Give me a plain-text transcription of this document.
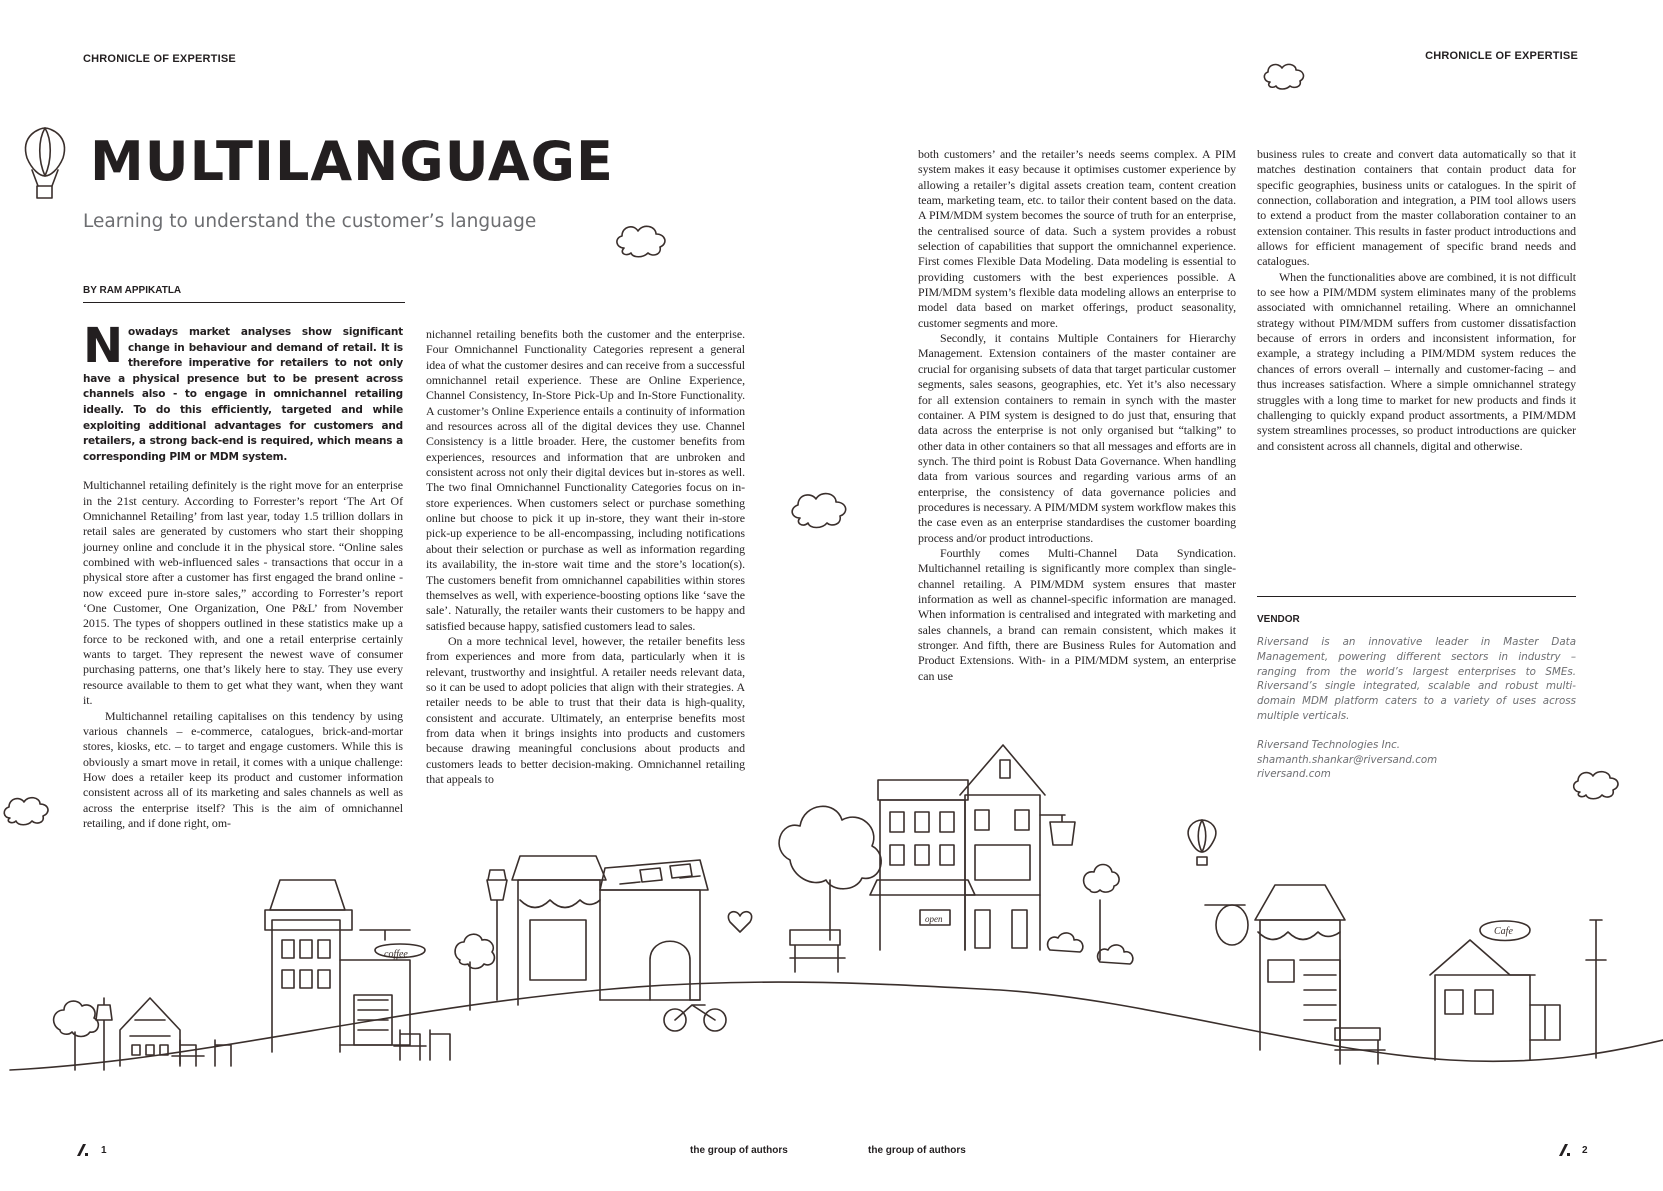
coffee
open
Cafe
CHRONICLE OF EXPERTISE	CHRONICLE OF EXPERTISE
MULTILANGUAGE
Learning to understand the customer’s language
BY RAM APPIKATLA
N owadays market analyses show significant change in behaviour and demand of retail. It is therefore imperative for retailers to not only have a physical presence but to be present across channels also - to engage in omnichannel retailing ideally. To do this efficiently, targeted and while exploiting additional advantages for customers and retailers, a strong back-end is required, which means a corresponding PIM or MDM system.

Multichannel retailing definitely is the right move for an enterprise in the 21st century. According to Forrester’s report ‘The Art Of Omnichannel Retailing’ from last year, today 1.5 trillion dollars in retail sales are generated by customers who start their shopping journey online and conclude it in the physical store. “Online sales combined with web-influenced sales - transactions that occur in a physical store after a customer has first engaged the brand online - now exceed pure in-store sales,” according to Forrester’s report ‘One Customer, One Organization, One P&L’ from November 2015. The types of shoppers outlined in these statistics make up a force to be reckoned with, and one a retail enterprise certainly wants to target. They represent the newest wave of consumer purchasing patterns, one that’s likely here to stay. They use every resource available to them to get what they want, when they want it.

Multichannel retailing capitalises on this tendency by using various channels – e-commerce, catalogues, brick-and-mortar stores, kiosks, etc. – to target and engage customers. While this is obviously a smart move in retail, it comes with a unique challenge: How does a retailer keep its product and customer information consistent across all of its marketing and sales channels as well as across the enterprise itself? This is the aim of omnichannel retailing, and if done right, om-

nichannel retailing benefits both the customer and the enterprise. Four Omnichannel Functionality Categories represent a general idea of what the customer desires and can receive from a successful omnichannel retail experience. These are Online Experience, Channel Consistency, In-Store Pick-Up and In-Store Functionality. A customer’s Online Experience entails a continuity of information and resources across all of the digital devices they use. Channel Consistency is a little broader. Here, the customer benefits from experiences, resources and information that are unbroken and consistent across not only their digital devices but in-stores as well. The two final Omnichannel Functionality Categories focus on in-store experiences. When customers select or purchase something online but choose to pick it up in-store, they want their in-store pick-up experience to be all-encompassing, including notifications about their selection or purchase as well as information regarding its availability, the in-store wait time and the store’s location(s). The customers benefit from omnichannel capabilities within stores themselves as well, with experience-boosting options like ‘save the sale’. Naturally, the retailer wants their customers to be happy and satisfied because happy, satisfied customers lead to sales.

On a more technical level, however, the retailer benefits less from experiences and more from data, particularly when it is relevant, trustworthy and insightful. A retailer needs relevant data, so it can be used to adopt policies that align with their strategies. A retailer needs to be able to trust that their data is high-quality, consistent and accurate. Ultimately, an enterprise benefits most from data when it brings insights into products and customers because drawing meaningful conclusions about products and customers leads to better decision-making. Omnichannel retailing that appeals to

both customers’ and the retailer’s needs seems complex. A PIM system makes it easy because it optimises customer experience by allowing a retailer’s digital assets creation team, content creation team, marketing team, etc. to tailor their content based on the data. A PIM/MDM system becomes the source of truth for an enterprise, the centralised source of data. Such a system provides a robust selection of capabilities that support the omnichannel experience. First comes Flexible Data Modeling. Data modeling is essential to providing customers with the best experiences possible. A PIM/MDM system’s flexible data modeling allows an enterprise to model data based on market offerings, product seasonality, customer segments and more.

Secondly, it contains Multiple Containers for Hierarchy Management. Extension containers of the master container are crucial for organising subsets of data that target particular customer segments, sales seasons, geographies, etc. Yet it’s also necessary for all extension containers to remain in synch with the master container. A PIM system is designed to do just that, ensuring that data across the enterprise is not only organised but “talking” to other data in other containers so that all messages and efforts are in synch. The third point is Robust Data Governance. When handling data from various sources and regarding various arms of an enterprise, the consistency of data governance policies and procedures is necessary. A PIM/MDM system workflow makes this the case even as an enterprise standardises the customer boarding process and/or product introductions.

Fourthly comes Multi-Channel Data Syndication. Multichannel retailing is significantly more complex than single-channel retailing. A PIM/MDM system ensures that master information as well as channel-specific information are managed. When information is centralised and integrated with marketing and sales channels, a brand can remain consistent, which makes it stronger. And fifth, there are Business Rules for Automation and Product Extensions. With- in a PIM/MDM system, an enterprise can use

business rules to create and convert data automatically so that it matches destination containers that contain product data for specific geographies, business units or catalogues. In the spirit of connection, collaboration and integration, a PIM tool allows users to extend a product from the master collaboration container to an extension container. This results in faster product introductions and allows for efficient management of specific brand needs and catalogues.

When the functionalities above are combined, it is not difficult to see how a PIM/MDM system eliminates many of the problems associated with omnichannel retailing. Where an omnichannel strategy without PIM/MDM suffers from customer dissatisfaction because of errors in orders and inconsistent information, for example, a strategy including a PIM/MDM system reduces the chances of errors overall – internally and customer-facing – and thus increases satisfaction. Where a simple omnichannel strategy struggles with a long time to market for new products and finds it challenging to quickly expand product assortments, a PIM/MDM system streamlines processes, so product introductions are quicker and consistent across all channels, digital and otherwise.

VENDOR

Riversand is an innovative leader in Master Data Management, powering different sectors in industry – ranging from the world’s largest enterprises to SMEs. Riversand’s single integrated, scalable and robust multi-domain MDM platform caters to a variety of uses across multiple verticals.

Riversand Technologies Inc.

shamanth.shankar@riversand.com

riversand.com

1	the group of authors	the group of authors	2
